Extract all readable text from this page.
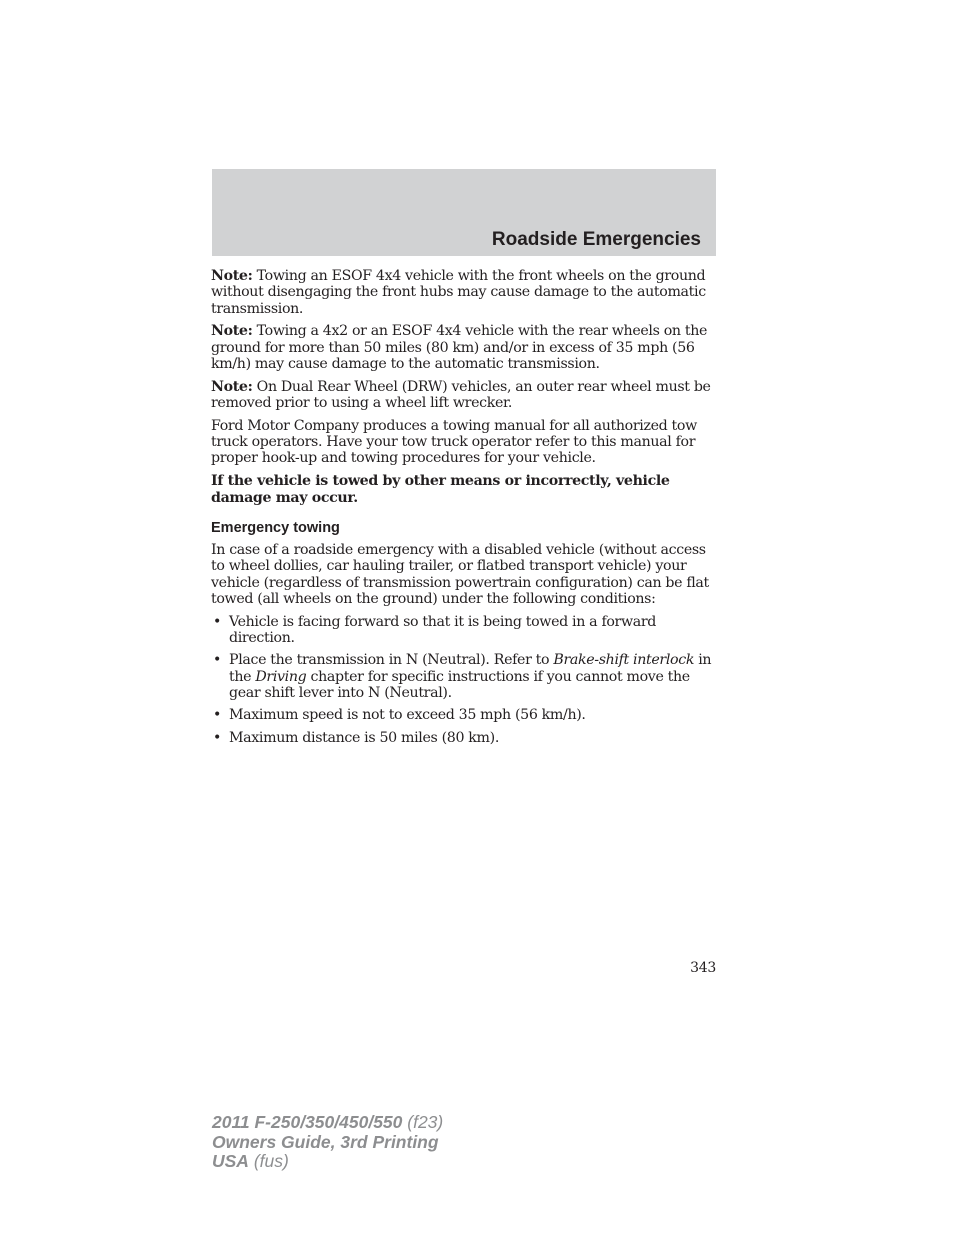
Roadside Emergencies

Note: Towing an ESOF 4x4 vehicle with the front wheels on the ground without disengaging the front hubs may cause damage to the automatic transmission.

Note: Towing a 4x2 or an ESOF 4x4 vehicle with the rear wheels on the ground for more than 50 miles (80 km) and/or in excess of 35 mph (56 km/h) may cause damage to the automatic transmission.

Note: On Dual Rear Wheel (DRW) vehicles, an outer rear wheel must be removed prior to using a wheel lift wrecker.

Ford Motor Company produces a towing manual for all authorized tow truck operators. Have your tow truck operator refer to this manual for proper hook-up and towing procedures for your vehicle.

If the vehicle is towed by other means or incorrectly, vehicle damage may occur.

Emergency towing

In case of a roadside emergency with a disabled vehicle (without access to wheel dollies, car hauling trailer, or flatbed transport vehicle) your vehicle (regardless of transmission powertrain configuration) can be flat towed (all wheels on the ground) under the following conditions:

• Vehicle is facing forward so that it is being towed in a forward direction.
• Place the transmission in N (Neutral). Refer to Brake-shift interlock in the Driving chapter for specific instructions if you cannot move the gear shift lever into N (Neutral).
• Maximum speed is not to exceed 35 mph (56 km/h).
• Maximum distance is 50 miles (80 km).
343
2011 F-250/350/450/550 (f23)
Owners Guide, 3rd Printing
USA (fus)
